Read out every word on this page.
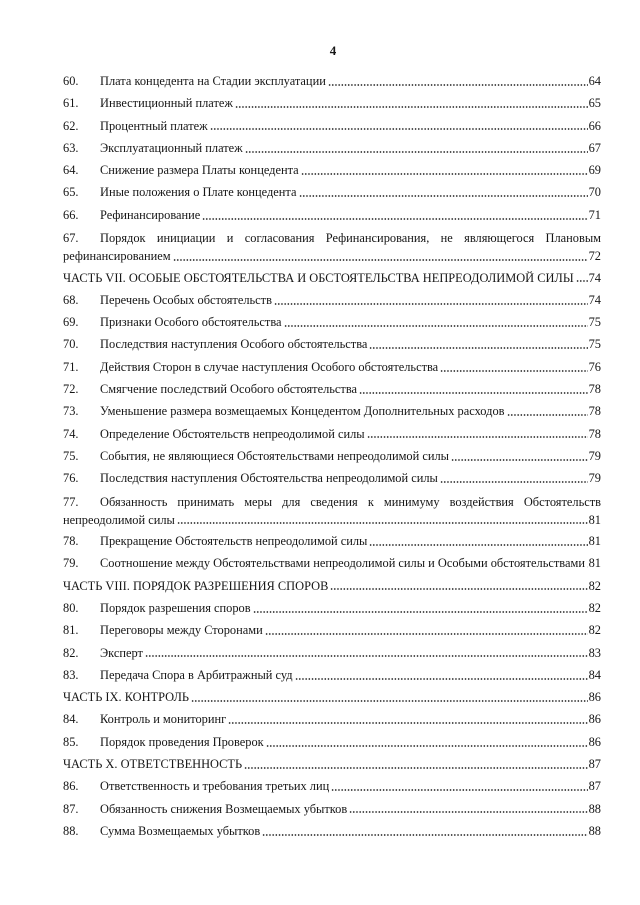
4
60.	Плата концедента на Стадии эксплуатации	64
61.	Инвестиционный платеж	65
62.	Процентный платеж	66
63.	Эксплуатационный платеж	67
64.	Снижение размера Платы концедента	69
65.	Иные положения о Плате концедента	70
66.	Рефинансирование	71
67.	Порядок инициации и согласования Рефинансирования, не являющегося Плановым
рефинансированием	72
ЧАСТЬ VII. ОСОБЫЕ ОБСТОЯТЕЛЬСТВА И ОБСТОЯТЕЛЬСТВА НЕПРЕОДОЛИМОЙ СИЛЫ 74
68.	Перечень Особых обстоятельств	74
69.	Признаки Особого обстоятельства	75
70.	Последствия наступления Особого обстоятельства	75
71.	Действия Сторон в случае наступления Особого обстоятельства	76
72.	Смягчение последствий Особого обстоятельства	78
73.	Уменьшение размера возмещаемых Концедентом Дополнительных расходов	78
74.	Определение Обстоятельств непреодолимой силы	78
75.	События, не являющиеся Обстоятельствами непреодолимой силы	79
76.	Последствия наступления Обстоятельства непреодолимой силы	79
77.	Обязанность принимать меры для сведения к минимуму воздействия Обстоятельств
непреодолимой силы	81
78.	Прекращение Обстоятельств непреодолимой силы	81
79.	Соотношение между Обстоятельствами непреодолимой силы и Особыми обстоятельствами 81
ЧАСТЬ VIII. ПОРЯДОК РАЗРЕШЕНИЯ СПОРОВ	82
80.	Порядок разрешения споров	82
81.	Переговоры между Сторонами	82
82.	Эксперт	83
83.	Передача Спора в Арбитражный суд	84
ЧАСТЬ IX. КОНТРОЛЬ	86
84.	Контроль и мониторинг	86
85.	Порядок проведения Проверок	86
ЧАСТЬ X. ОТВЕТСТВЕННОСТЬ	87
86.	Ответственность и требования третьих лиц	87
87.	Обязанность снижения Возмещаемых убытков	88
88.	Сумма Возмещаемых убытков	88
